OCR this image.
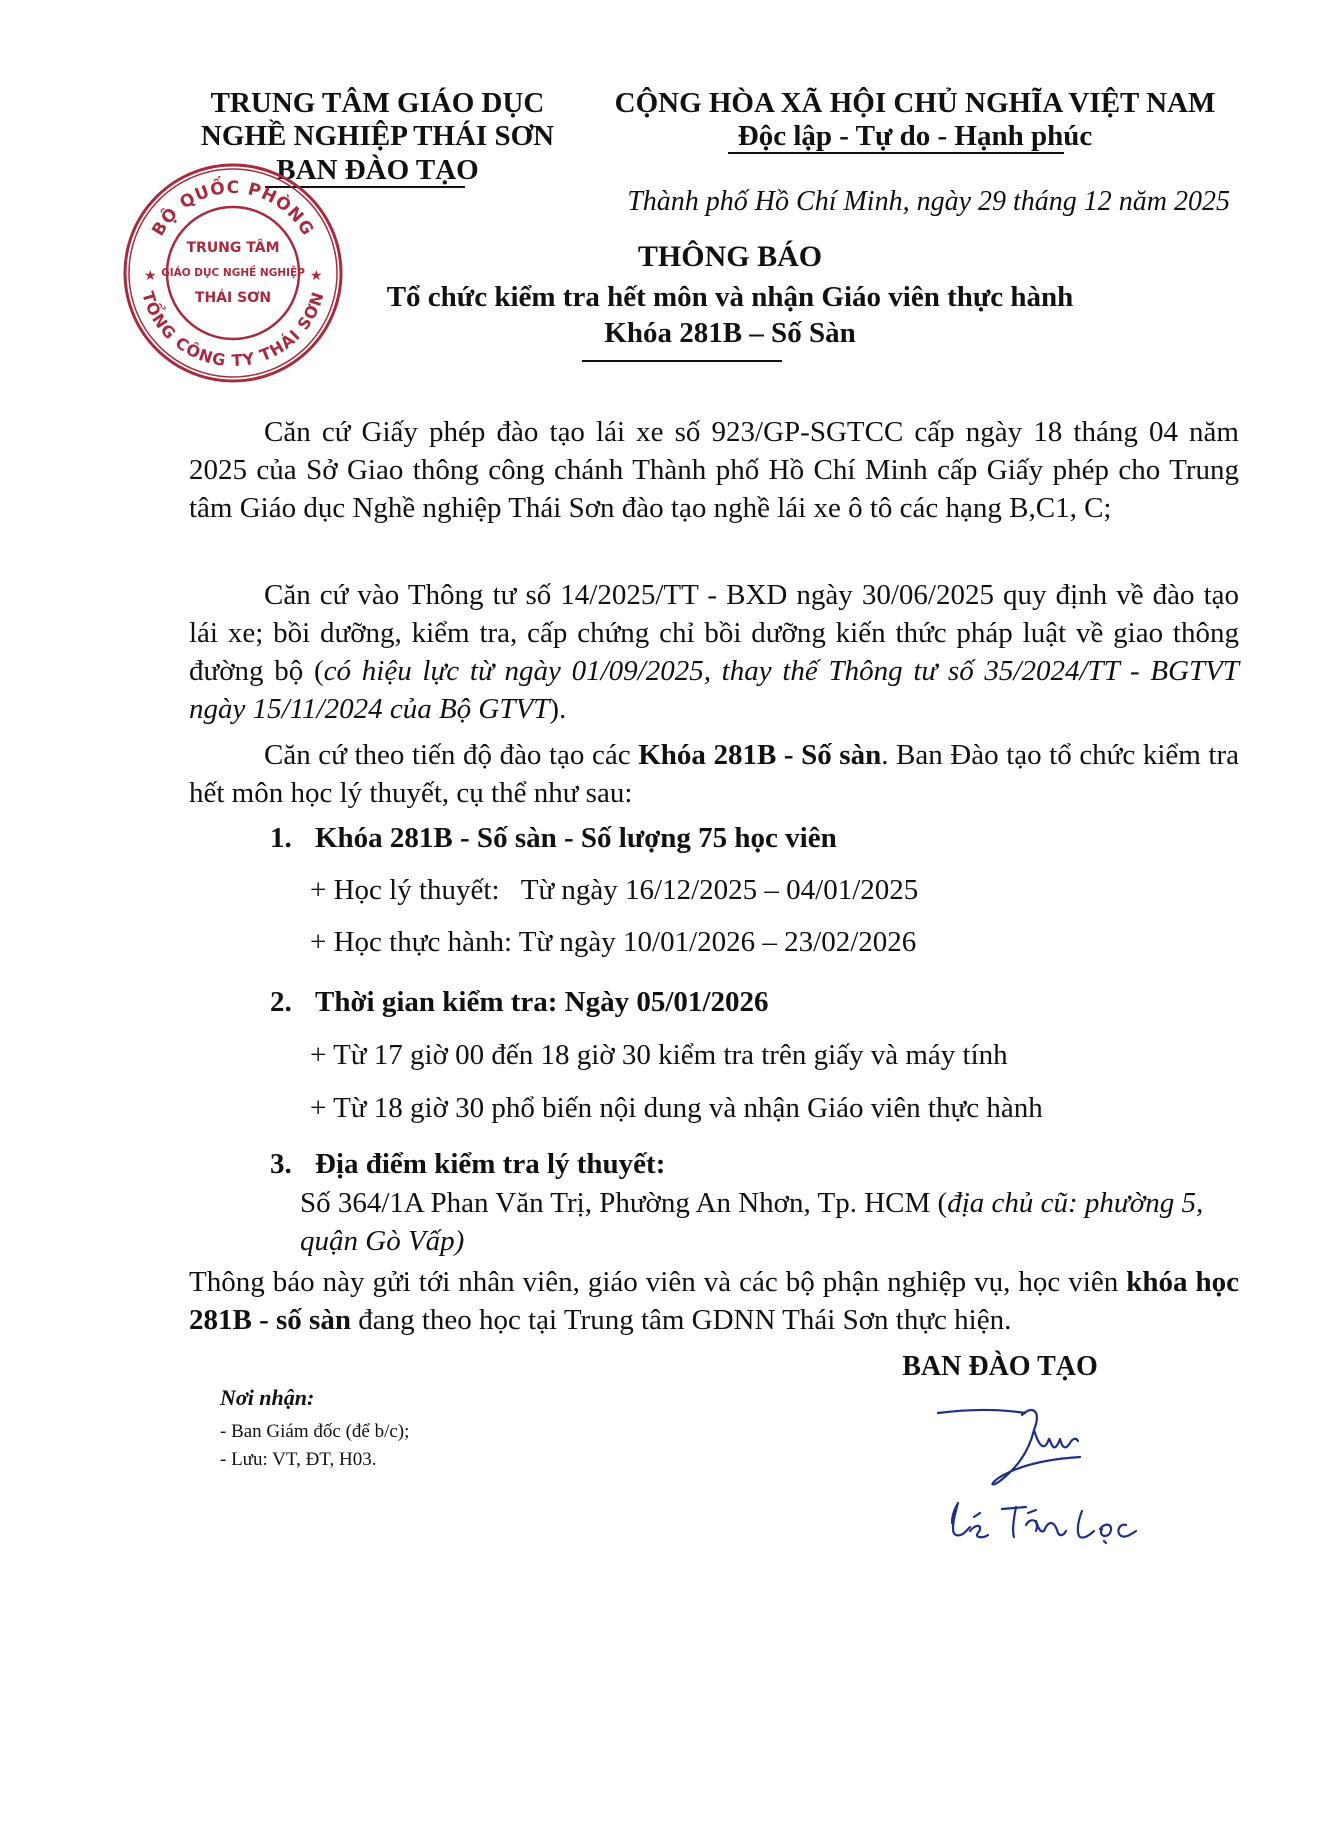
TRUNG TÂM GIÁO DỤC
NGHỀ NGHIỆP THÁI SƠN
BAN ĐÀO TẠO
CỘNG HÒA XÃ HỘI CHỦ NGHĨA VIỆT NAM
Độc lập - Tự do - Hạnh phúc
Thành phố Hồ Chí Minh, ngày 29 tháng 12 năm 2025
BỘ QUỐC PHÒNG
TỔNG CÔNG TY THÁI SƠN
TRUNG TÂM
GIÁO DỤC NGHỀ NGHIỆP
THÁI SƠN
★	★
THÔNG BÁO
Tổ chức kiểm tra hết môn và nhận Giáo viên thực hành
Khóa 281B – Số Sàn
Căn cứ Giấy phép đào tạo lái xe số 923/GP-SGTCC cấp ngày 18 tháng 04 năm 2025 của Sở Giao thông công chánh Thành phố Hồ Chí Minh cấp Giấy phép cho Trung tâm Giáo dục Nghề nghiệp Thái Sơn đào tạo nghề lái xe ô tô các hạng B,C1, C;
Căn cứ vào Thông tư số 14/2025/TT - BXD ngày 30/06/2025 quy định về đào tạo lái xe; bồi dưỡng, kiểm tra, cấp chứng chỉ bồi dưỡng kiến thức pháp luật về giao thông đường bộ (có hiệu lực từ ngày 01/09/2025, thay thế Thông tư số 35/2024/TT - BGTVT ngày 15/11/2024 của Bộ GTVT).
Căn cứ theo tiến độ đào tạo các Khóa 281B - Số sàn. Ban Đào tạo tổ chức kiểm tra hết môn học lý thuyết, cụ thể như sau:
1. Khóa 281B - Số sàn - Số lượng 75 học viên
+ Học lý thuyết:   Từ ngày 16/12/2025 – 04/01/2025
+ Học thực hành: Từ ngày 10/01/2026 – 23/02/2026
2. Thời gian kiểm tra: Ngày 05/01/2026
+ Từ 17 giờ 00 đến 18 giờ 30 kiểm tra trên giấy và máy tính
+ Từ 18 giờ 30 phổ biến nội dung và nhận Giáo viên thực hành
3. Địa điểm kiểm tra lý thuyết:
Số 364/1A Phan Văn Trị, Phường An Nhơn, Tp. HCM (địa chủ cũ: phường 5, quận Gò Vấp)
Thông báo này gửi tới nhân viên, giáo viên và các bộ phận nghiệp vụ, học viên khóa học 281B - số sàn đang theo học tại Trung tâm GDNN Thái Sơn thực hiện.
BAN ĐÀO TẠO
Nơi nhận:
- Ban Giám đốc (để b/c);
- Lưu: VT, ĐT, H03.
